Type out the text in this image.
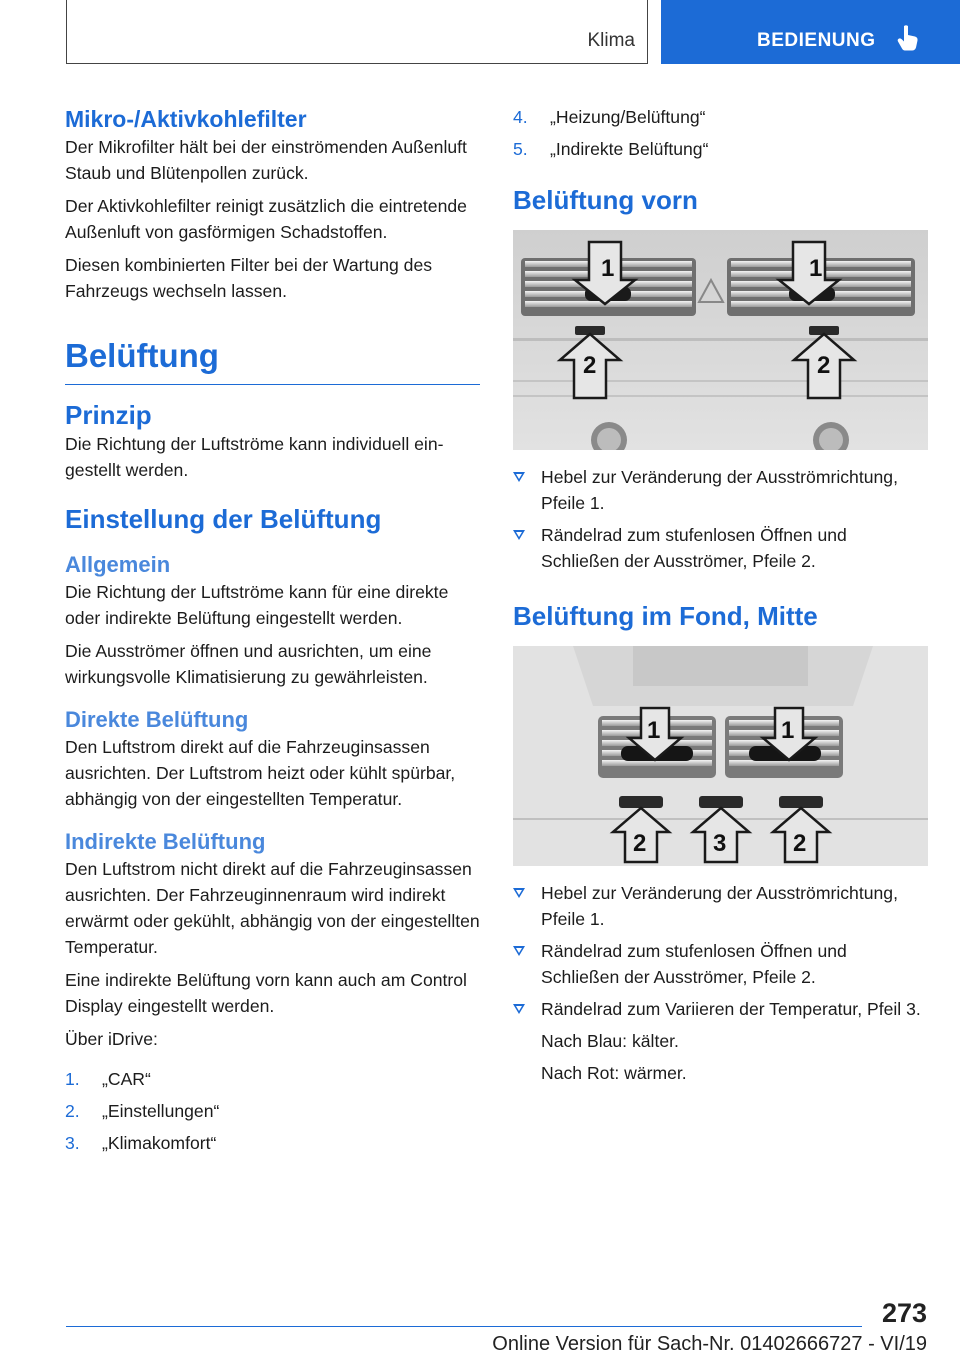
Klima	BEDIENUNG
Mikro-/Aktivkohlefilter

Der Mikrofilter hält bei der einströmenden Außenluft Staub und Blütenpollen zurück.

Der Aktivkohlefilter reinigt zusätzlich die eintretende Außenluft von gasförmigen Schadstoffen.

Diesen kombinierten Filter bei der Wartung des Fahrzeugs wechseln lassen.

Belüftung
Prinzip

Die Richtung der Luftströme kann individuell eingestellt werden.

Einstellung der Belüftung
Allgemein

Die Richtung der Luftströme kann für eine direkte oder indirekte Belüftung eingestellt werden.

Die Ausströmer öffnen und ausrichten, um eine wirkungsvolle Klimatisierung zu gewährleisten.

Direkte Belüftung

Den Luftstrom direkt auf die Fahrzeuginsassen ausrichten. Der Luftstrom heizt oder kühlt spürbar, abhängig von der eingestellten Temperatur.

Indirekte Belüftung

Den Luftstrom nicht direkt auf die Fahrzeuginsassen ausrichten. Der Fahrzeuginnenraum wird indirekt erwärmt oder gekühlt, abhängig von der eingestellten Temperatur.

Eine indirekte Belüftung vorn kann auch am Control Display eingestellt werden.

Über iDrive:

1. „CAR“
2. „Einstellungen“
3. „Klimakomfort“
4. „Heizung/Belüftung“
5. „Indirekte Belüftung“
Belüftung vorn
1	1
2	2
Hebel zur Veränderung der Ausströmrichtung, Pfeile 1.
Rändelrad zum stufenlosen Öffnen und Schließen der Ausströmer, Pfeile 2.
Belüftung im Fond, Mitte
1	1
2	3	2
Hebel zur Veränderung der Ausströmrichtung, Pfeile 1.
Rändelrad zum stufenlosen Öffnen und Schließen der Ausströmer, Pfeile 2.
Rändelrad zum Variieren der Temperatur, Pfeil 3.

Nach Blau: kälter.

Nach Rot: wärmer.

273
Online Version für Sach-Nr. 01402666727 - VI/19
